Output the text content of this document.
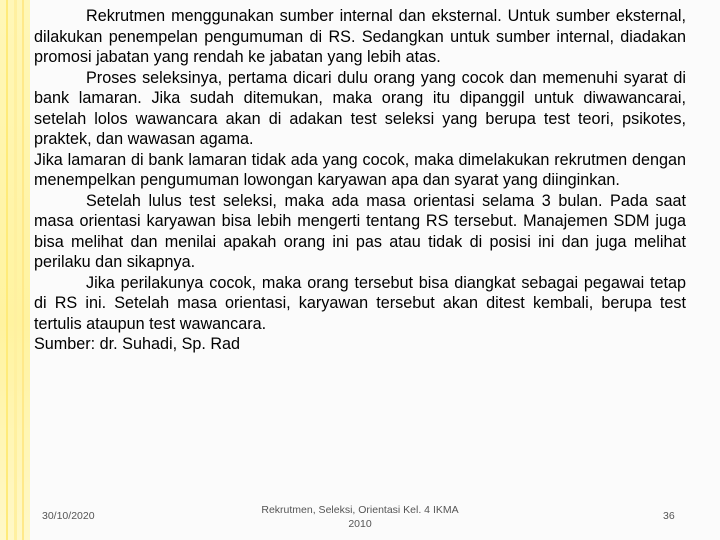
Rekrutmen menggunakan sumber internal dan eksternal. Untuk sumber eksternal, dilakukan penempelan pengumuman di RS. Sedangkan untuk sumber internal, diadakan promosi jabatan yang rendah ke jabatan yang lebih atas.

Proses seleksinya, pertama dicari dulu orang yang cocok dan memenuhi syarat di bank lamaran. Jika sudah ditemukan, maka orang itu dipanggil untuk diwawancarai, setelah lolos wawancara akan di adakan test seleksi yang berupa test teori, psikotes, praktek, dan wawasan agama.

Jika lamaran di bank lamaran tidak ada yang cocok, maka dimelakukan rekrutmen dengan menempelkan pengumuman lowongan karyawan apa dan syarat yang diinginkan.

Setelah lulus test seleksi, maka ada masa orientasi selama 3 bulan. Pada saat masa orientasi karyawan bisa lebih mengerti tentang RS tersebut. Manajemen SDM juga bisa melihat dan menilai apakah orang ini pas atau tidak di posisi ini dan juga melihat perilaku dan sikapnya.

Jika perilakunya cocok, maka orang tersebut bisa diangkat sebagai pegawai tetap di RS ini. Setelah masa orientasi, karyawan tersebut akan ditest kembali, berupa test tertulis ataupun test wawancara.

Sumber: dr. Suhadi, Sp. Rad

30/10/2020	Rekrutmen, Seleksi, Orientasi Kel. 4 IKMA
2010
36
